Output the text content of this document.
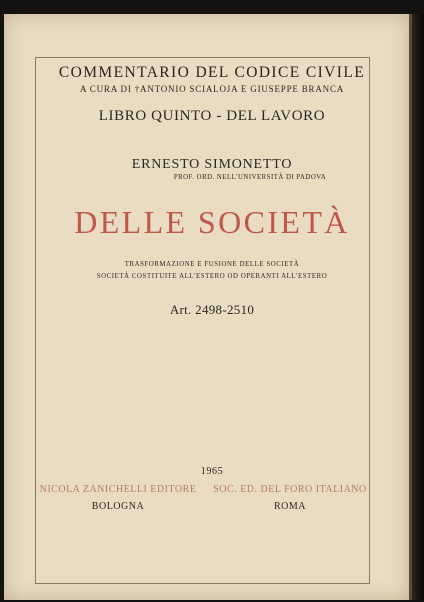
COMMENTARIO DEL CODICE CIVILE
A CURA DI †ANTONIO SCIALOJA E GIUSEPPE BRANCA
LIBRO QUINTO - DEL LAVORO
ERNESTO SIMONETTO
PROF. ORD. NELL'UNIVERSITÀ DI PADOVA
DELLE SOCIETÀ
TRASFORMAZIONE E FUSIONE DELLE SOCIETÀ
SOCIETÀ COSTITUITE ALL'ESTERO OD OPERANTI ALL'ESTERO
Art. 2498-2510
1965
NICOLA ZANICHELLI EDITORE	SOC. ED. DEL FORO ITALIANO
BOLOGNA	ROMA
